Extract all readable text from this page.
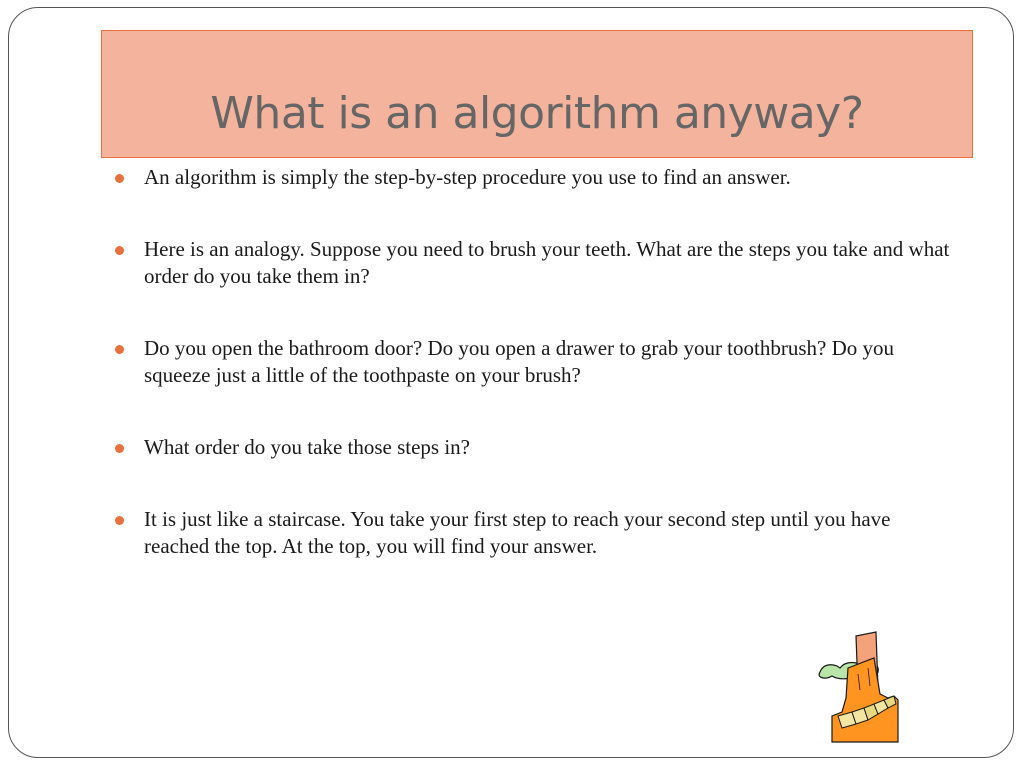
What is an algorithm anyway?
An algorithm is simply the step-by-step procedure you use to find an answer.
Here is an analogy. Suppose you need to brush your teeth. What are the steps you take and what order do you take them in?
Do you open the bathroom door? Do you open a drawer to grab your toothbrush? Do you squeeze just a little of the toothpaste on your brush?
What order do you take those steps in?
It is just like a staircase. You take your first step to reach your second step until you have reached the top. At the top, you will find your answer.
